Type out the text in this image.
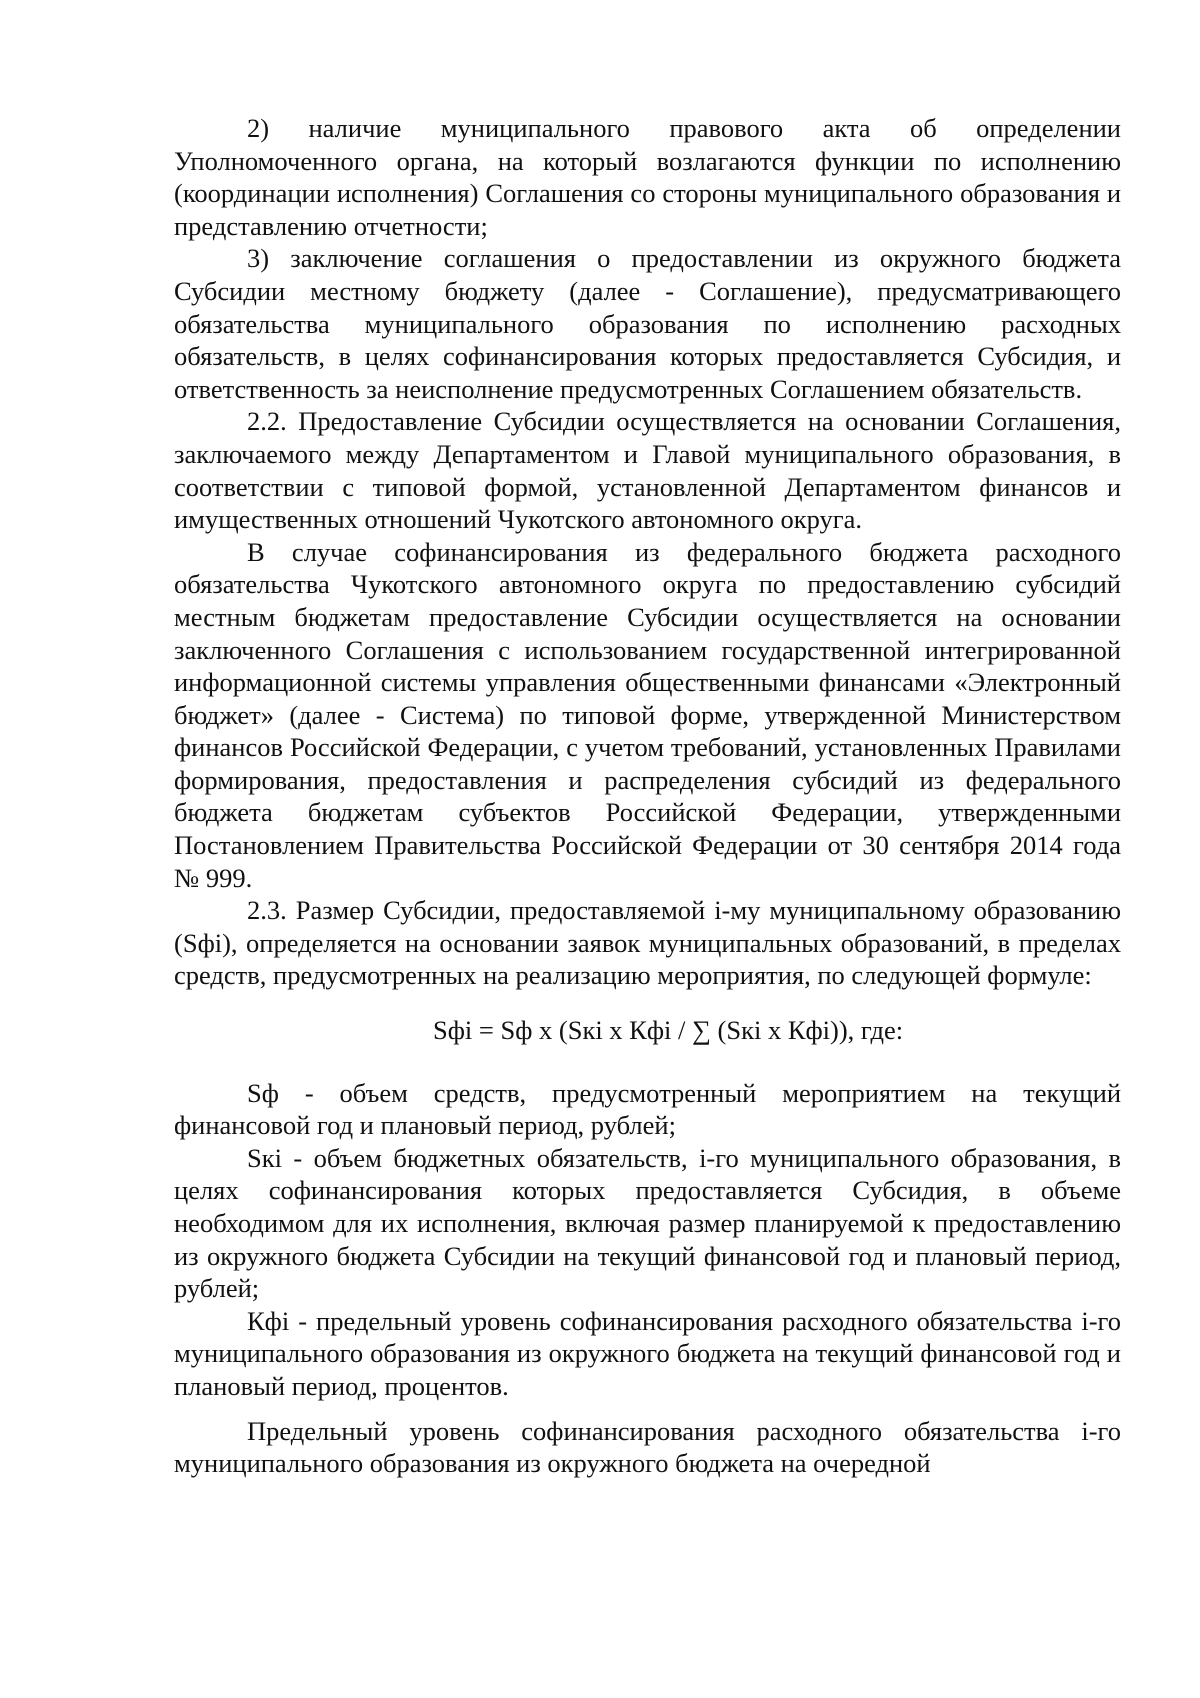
2) наличие муниципального правового акта об определении Уполномоченного органа, на который возлагаются функции по исполнению (координации исполнения) Соглашения со стороны муниципального образования и представлению отчетности;

3) заключение соглашения о предоставлении из окружного бюджета Субсидии местному бюджету (далее - Соглашение), предусматривающего обязательства муниципального образования по исполнению расходных обязательств, в целях софинансирования которых предоставляется Субсидия, и ответственность за неисполнение предусмотренных Соглашением обязательств.

2.2. Предоставление Субсидии осуществляется на основании Соглашения, заключаемого между Департаментом и Главой муниципального образования, в соответствии с типовой формой, установленной Департаментом финансов и имущественных отношений Чукотского автономного округа.

В случае софинансирования из федерального бюджета расходного обязательства Чукотского автономного округа по предоставлению субсидий местным бюджетам предоставление Субсидии осуществляется на основании заключенного Соглашения с использованием государственной интегрированной информационной системы управления общественными финансами «Электронный бюджет» (далее - Система) по типовой форме, утвержденной Министерством финансов Российской Федерации, с учетом требований, установленных Правилами формирования, предоставления и распределения субсидий из федерального бюджета бюджетам субъектов Российской Федерации, утвержденными Постановлением Правительства Российской Федерации от 30 сентября 2014 года № 999.

2.3. Размер Субсидии, предоставляемой i-му муниципальному образованию (Sфi), определяется на основании заявок муниципальных образований, в пределах средств, предусмотренных на реализацию мероприятия, по следующей формуле:

Sфi = Sф x (Sкi x Кфi / ∑ (Sкi x Кфi)), где:

Sф - объем средств, предусмотренный мероприятием на текущий финансовой год и плановый период, рублей;

Sкi - объем бюджетных обязательств, i-го муниципального образования, в целях софинансирования которых предоставляется Субсидия, в объеме необходимом для их исполнения, включая размер планируемой к предоставлению из окружного бюджета Субсидии на текущий финансовой год и плановый период, рублей;

Кфi - предельный уровень софинансирования расходного обязательства i-го муниципального образования из окружного бюджета на текущий финансовой год и плановый период, процентов.

Предельный уровень софинансирования расходного обязательства i-го муниципального образования из окружного бюджета на очередной
